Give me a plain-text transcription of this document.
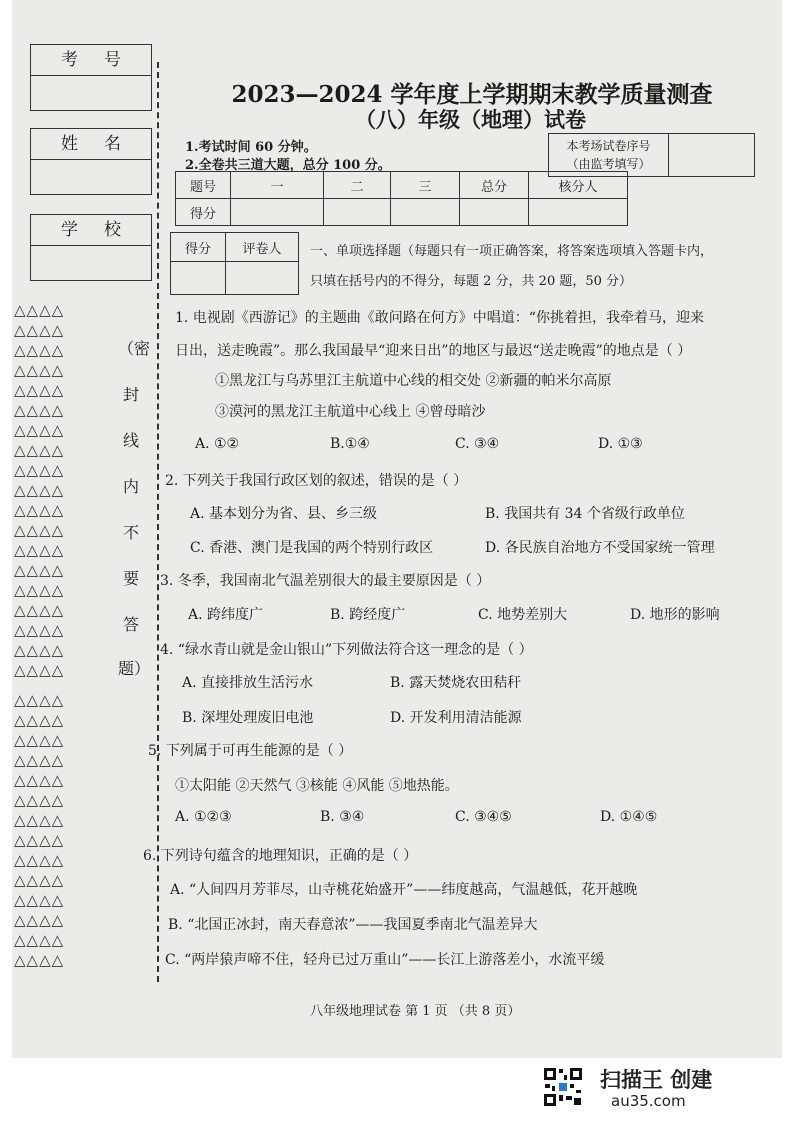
考号
姓名
学校
△△△△
△△△△
△△△△
△△△△
△△△△
△△△△
△△△△
△△△△
△△△△
△△△△
△△△△
△△△△
△△△△
△△△△
△△△△
△△△△
△△△△
△△△△
△△△△
△△△△
△△△△
△△△△
△△△△
△△△△
△△△△
△△△△
△△△△
△△△△
△△△△
△△△△
△△△△
△△△△
△△△△
（密
封
线
内
不
要
答
题）
2023—2024 学年度上学期期末教学质量测查
（八）年级（地理）试卷
1.考试时间 60 分钟。
2.全卷共三道大题，总分 100 分。
本考场试卷序号
（由监考填写）
题号	一	二	三	总分	核分人
得分					
得分	评卷人
	一、单项选择题（每题只有一项正确答案，将答案选项填入答题卡内，
只填在括号内的不得分，每题 2 分，共 20 题，50 分）
1. 电视剧《西游记》的主题曲《敢问路在何方》中唱道：“你挑着担，我牵着马，迎来
日出，送走晚霞”。那么我国最早“迎来日出”的地区与最迟“送走晚霞”的地点是（ ）
①黑龙江与乌苏里江主航道中心线的相交处 ②新疆的帕米尔高原
③漠河的黑龙江主航道中心线上 ④曾母暗沙
A. ①②	B.①④	C. ③④	D. ①③
2. 下列关于我国行政区划的叙述，错误的是（ ）
A. 基本划分为省、县、乡三级	B. 我国共有 34 个省级行政单位
C. 香港、澳门是我国的两个特别行政区	D. 各民族自治地方不受国家统一管理
3. 冬季，我国南北气温差别很大的最主要原因是（ ）
A. 跨纬度广	B. 跨经度广	C. 地势差别大	D. 地形的影响
4. “绿水青山就是金山银山”下列做法符合这一理念的是（ ）
A. 直接排放生活污水	B. 露天焚烧农田秸秆
B. 深埋处理废旧电池	D. 开发利用清洁能源
5. 下列属于可再生能源的是（ ）
①太阳能 ②天然气 ③核能 ④风能 ⑤地热能。
A. ①②③	B. ③④	C. ③④⑤	D. ①④⑤
6. 下列诗句蕴含的地理知识，正确的是（ ）
A. “人间四月芳菲尽，山寺桃花始盛开”——纬度越高，气温越低，花开越晚
B. “北国正冰封，南天春意浓”——我国夏季南北气温差异大
C. “两岸猿声啼不住，轻舟已过万重山”——长江上游落差小，水流平缓
八年级地理试卷 第 1 页 （共 8 页）
扫描王 创建
au35.com
